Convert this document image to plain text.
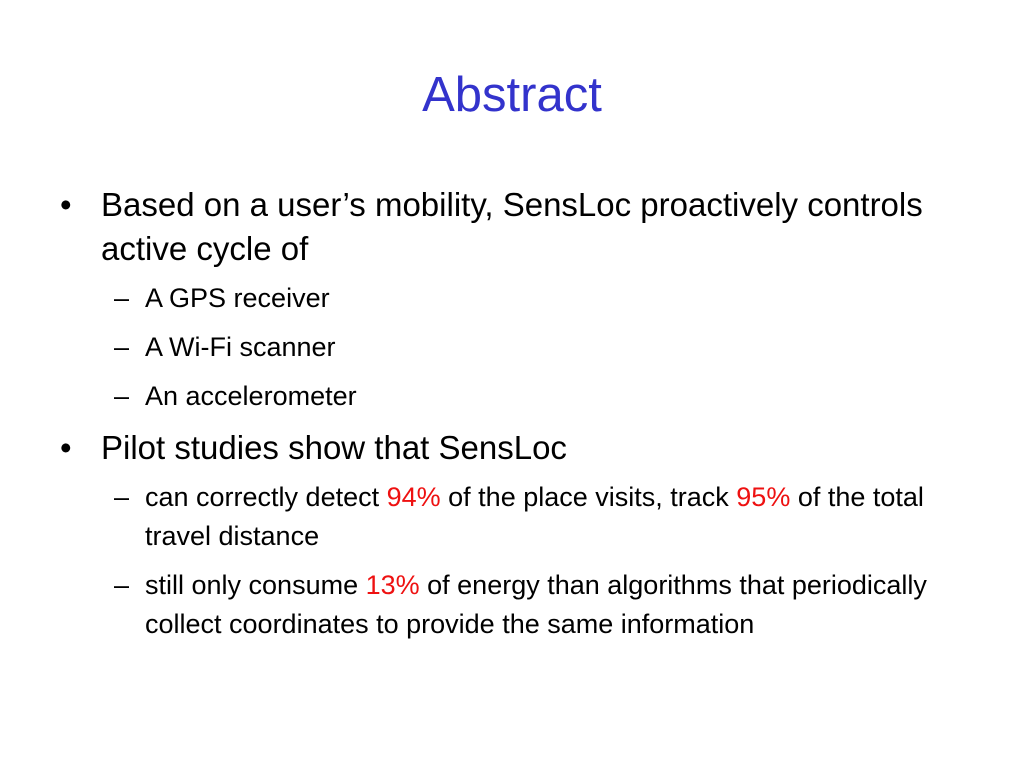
Abstract
• Based on a user’s mobility, SensLoc proactively controls active cycle of
– A GPS receiver
– A Wi-Fi scanner
– An accelerometer
• Pilot studies show that SensLoc
– can correctly detect 94% of the place visits, track 95% of the total travel distance
– still only consume 13% of energy than algorithms that periodically collect coordinates to provide the same information
